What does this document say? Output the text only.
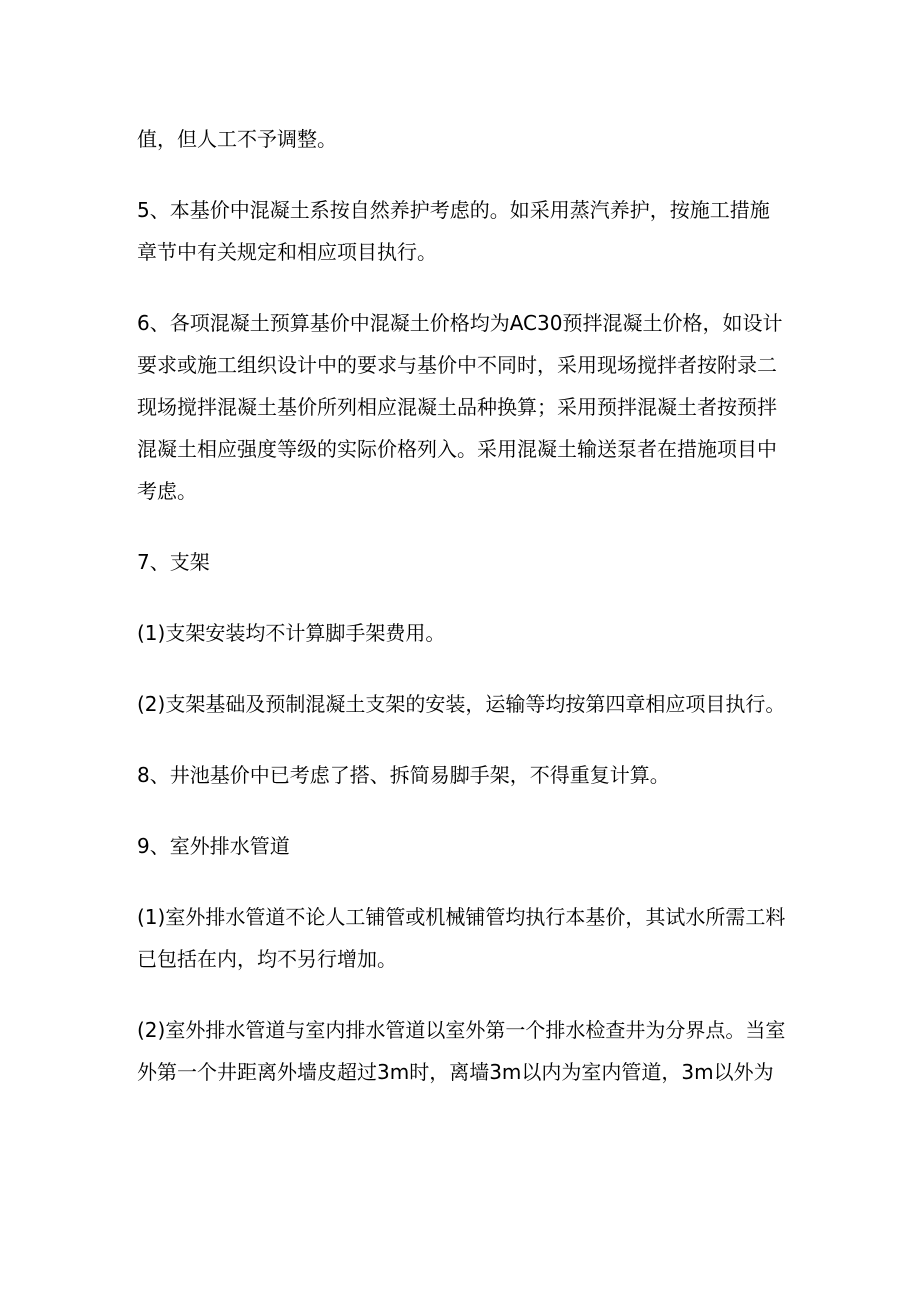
值，但人工不予调整。

5、本基价中混凝土系按自然养护考虑的。如采用蒸汽养护，按施工措施章节中有关规定和相应项目执行。

6、各项混凝土预算基价中混凝土价格均为AC30预拌混凝土价格，如设计要求或施工组织设计中的要求与基价中不同时，采用现场搅拌者按附录二现场搅拌混凝土基价所列相应混凝土品种换算；采用预拌混凝土者按预拌混凝土相应强度等级的实际价格列入。采用混凝土输送泵者在措施项目中考虑。

7、支架

(1)支架安装均不计算脚手架费用。

(2)支架基础及预制混凝土支架的安装，运输等均按第四章相应项目执行。

8、井池基价中已考虑了搭、拆简易脚手架，不得重复计算。

9、室外排水管道

(1)室外排水管道不论人工铺管或机械铺管均执行本基价，其试水所需工料已包括在内，均不另行增加。

(2)室外排水管道与室内排水管道以室外第一个排水检查井为分界点。当室外第一个井距离外墙皮超过3m时，离墙3m以内为室内管道，3m以外为
